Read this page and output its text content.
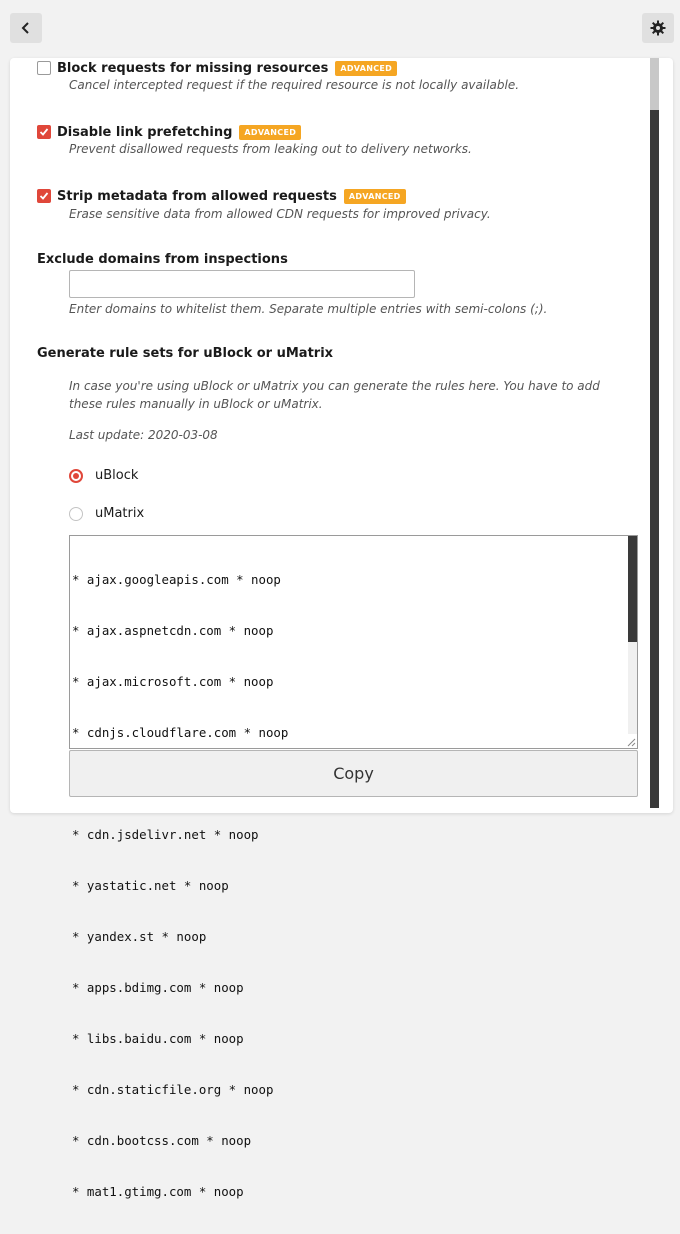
Block requests for missing resources	ADVANCED
Cancel intercepted request if the required resource is not locally available.
Disable link prefetching	ADVANCED
Prevent disallowed requests from leaking out to delivery networks.
Strip metadata from allowed requests	ADVANCED
Erase sensitive data from allowed CDN requests for improved privacy.
Exclude domains from inspections
Enter domains to whitelist them. Separate multiple entries with semi-colons (;).
Generate rule sets for uBlock or uMatrix
In case you're using uBlock or uMatrix you can generate the rules here. You have to add these rules manually in uBlock or uMatrix.
Last update: 2020-03-08
uBlock
uMatrix

* ajax.googleapis.com * noop

* ajax.aspnetcdn.com * noop

* ajax.microsoft.com * noop

* cdnjs.cloudflare.com * noop

* cdn.jsdelivr.net * noop

* yastatic.net * noop

* yandex.st * noop

* apps.bdimg.com * noop

* libs.baidu.com * noop

* cdn.staticfile.org * noop

* cdn.bootcss.com * noop

* mat1.gtimg.com * noop

Copy
